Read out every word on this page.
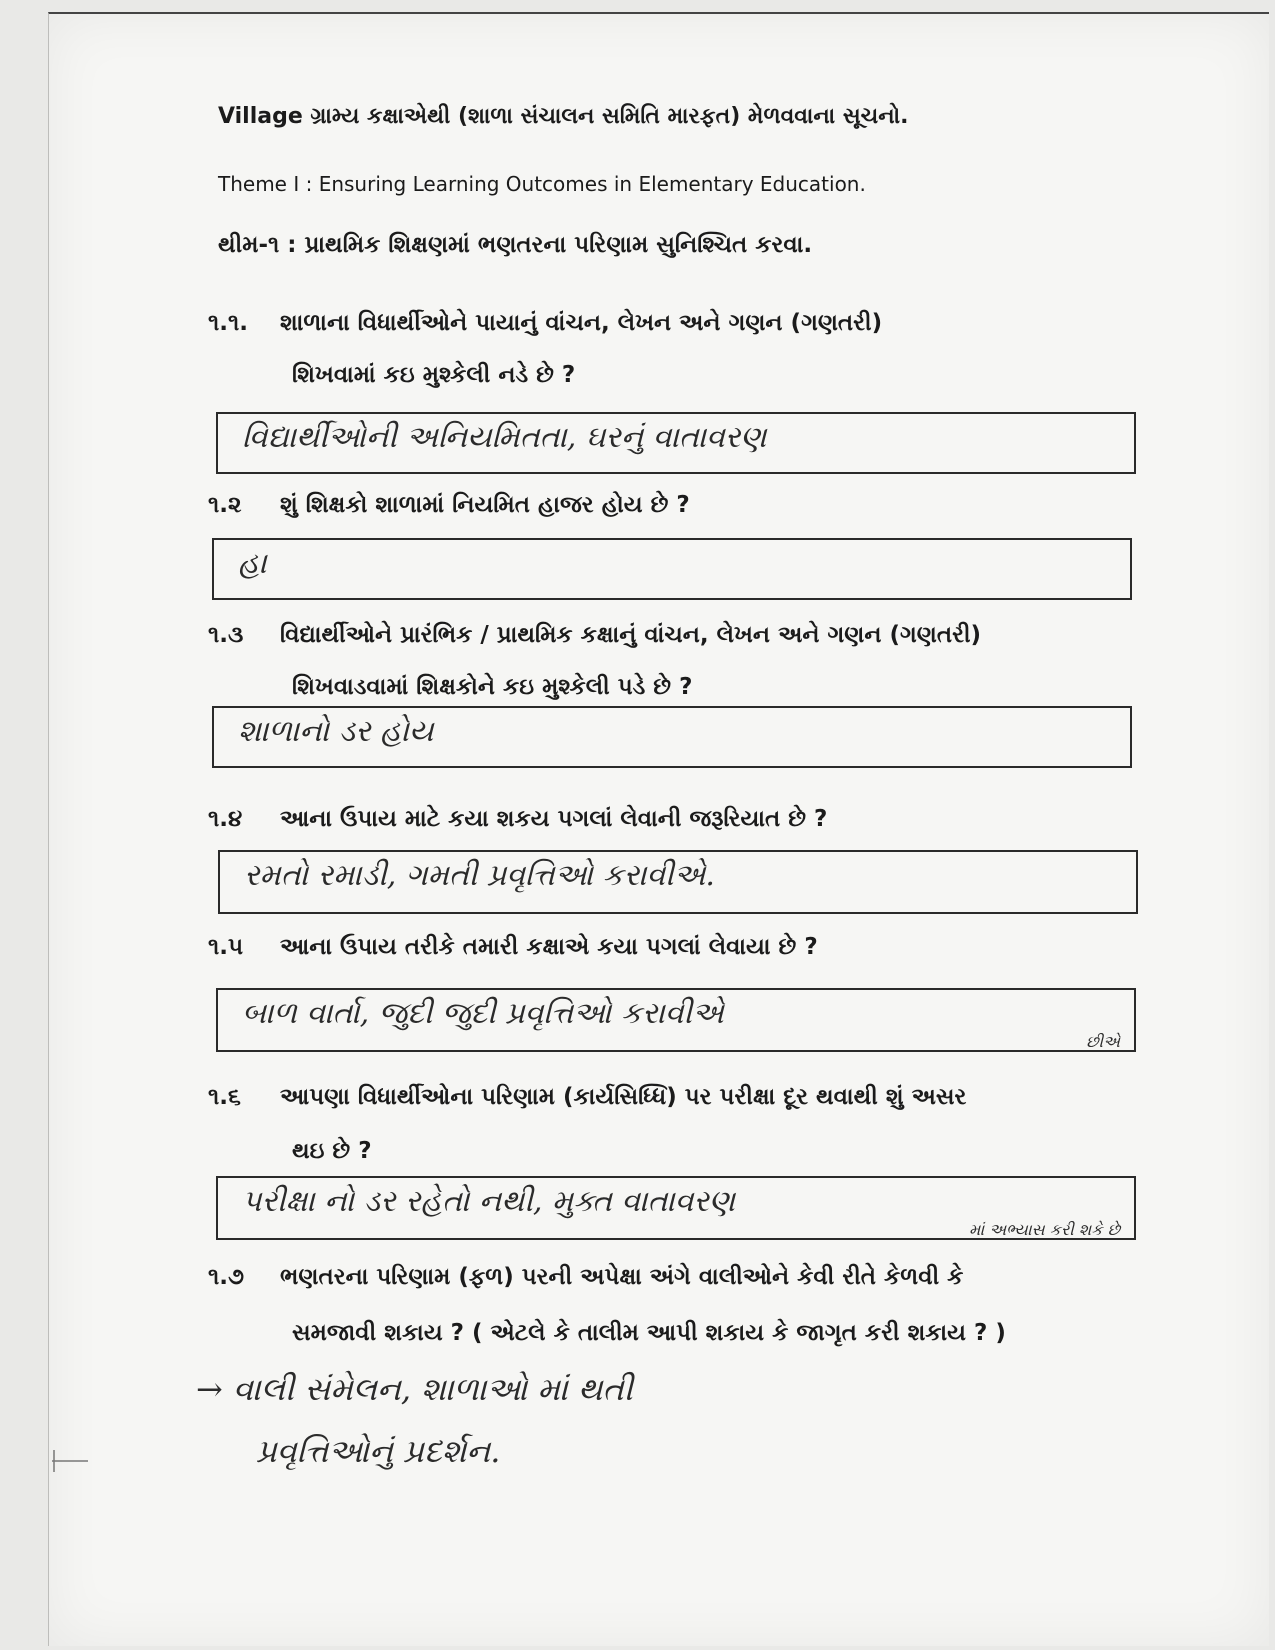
Village ગ્રામ્ય કક્ષાએથી (શાળા સંચાલન સમિતિ મારફત) મેળવવાના સૂચનો.
Theme I : Ensuring Learning Outcomes in Elementary Education.
થીમ-૧ : પ્રાથમિક શિક્ષણમાં ભણતરના પરિણામ સુનિશ્ચિત કરવા.
૧.૧. શાળાના વિધાર્થીઓને પાયાનું વાંચન, લેખન અને ગણન (ગણતરી)
શિખવામાં કઇ મુશ્કેલી નડે છે ?
વિદ્યાર્થીઓની અનિયમિતતા, ઘરનું વાતાવરણ
૧.૨ શું શિક્ષકો શાળામાં નિયમિત હાજર હોય છે ?
હા
૧.૩ વિદ્યાર્થીઓને પ્રારંભિક / પ્રાથમિક કક્ષાનું વાંચન, લેખન અને ગણન (ગણતરી)
શિખવાડવામાં શિક્ષકોને કઇ મુશ્કેલી પડે છે ?
શાળાનો ડર હોય
૧.૪ આના ઉપાય માટે કયા શકય પગલાં લેવાની જરૂરિયાત છે ?
રમતો રમાડી, ગમતી પ્રવૃત્તિઓ કરાવીએ.
૧.૫ આના ઉપાય તરીકે તમારી કક્ષાએ કયા પગલાં લેવાયા છે ?
બાળ વાર્તા, જુદી જુદી પ્રવૃત્તિઓ કરાવીએ
છીએ
૧.૬ આપણા વિધાર્થીઓના પરિણામ (કાર્યસિધ્ધિ) પર પરીક્ષા દૂર થવાથી શું અસર
થઇ છે ?
પરીક્ષા નો ડર રહેતો નથી, મુક્ત વાતાવરણ
માં અભ્યાસ કરી શકે છે
૧.૭ ભણતરના પરિણામ (ફળ) પરની અપેક્ષા અંગે વાલીઓને કેવી રીતે કેળવી કે
સમજાવી શકાય ? ( એટલે કે તાલીમ આપી શકાય કે જાગૃત કરી શકાય ? )
→ વાલી સંમેલન, શાળાઓ માં થતી
પ્રવૃત્તિઓનું પ્રદર્શન.
